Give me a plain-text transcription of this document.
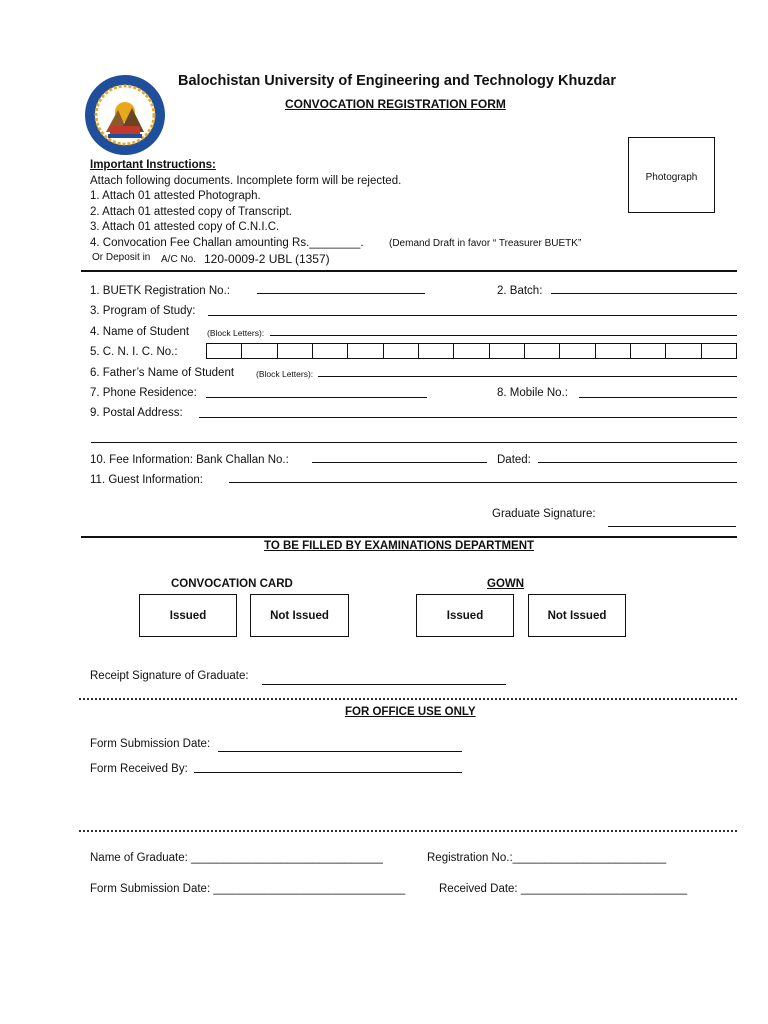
Balochistan University of Engineering and Technology Khuzdar
CONVOCATION REGISTRATION FORM
Photograph
Important Instructions:
Attach following documents. Incomplete form will be rejected.
1. Attach 01 attested Photograph.
2. Attach 01 attested copy of Transcript.
3. Attach 01 attested copy of C.N.I.C.
4. Convocation Fee Challan amounting Rs.________.	(Demand Draft in favor “ Treasurer BUETK”
Or Deposit in A/C No. 120-0009-2 UBL (1357)
1. BUETK Registration No.:	2. Batch:
3. Program of Study:
4. Name of Student (Block Letters):
5. C. N. I. C. No.:
6. Father’s Name of Student	(Block Letters):
7. Phone Residence:	8. Mobile No.:
9. Postal Address:
10. Fee Information: Bank Challan No.:	Dated:
11. Guest Information:
Graduate Signature:
TO BE FILLED BY EXAMINATIONS DEPARTMENT
CONVOCATION CARD	GOWN
Issued	Not Issued	Issued	Not Issued
Receipt Signature of Graduate:
FOR OFFICE USE ONLY
Form Submission Date:
Form Received By:
Name of Graduate: ______________________________	Registration No.:________________________
Form Submission Date: ______________________________	Received Date: __________________________
